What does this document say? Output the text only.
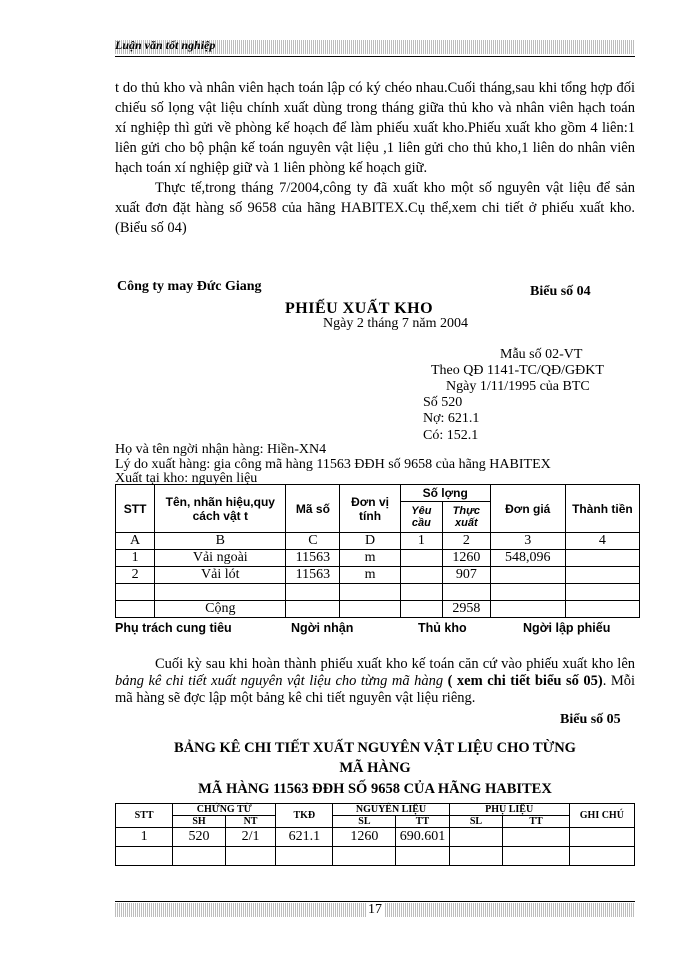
Luận văn tốt nghiệp

t do thủ kho và nhân viên hạch toán lập có ký chéo nhau.Cuối tháng,sau khi tổng hợp đối chiếu số lọng vật liệu chính xuất dùng trong tháng giữa thủ kho và nhân viên hạch toán xí nghiệp thì gửi về phòng kế hoạch để làm phiếu xuất kho.Phiếu xuất kho gồm 4 liên:1 liên gửi cho bộ phận kế toán nguyên vật liệu ,1 liên gửi cho thủ kho,1 liên do nhân viên hạch toán xí nghiệp giữ và 1 liên phòng kế hoạch giữ.

Thực tế,trong tháng 7/2004,công ty đã xuất kho một số nguyên vật liệu để sản xuất đơn đặt hàng số 9658 của hãng HABITEX.Cụ thể,xem chi tiết ở phiếu xuất kho.(Biểu số 04)

Công ty may Đức Giang	Biểu số 04
PHIẾU XUẤT KHO
Ngày 2 tháng 7 năm 2004
Mẫu số 02-VT
Theo QĐ 1141-TC/QĐ/GĐKT
Ngày 1/11/1995 của BTC
Số 520
Nợ: 621.1
Có: 152.1
Họ và tên ngời nhận hàng: Hiền-XN4
Lý do xuất hàng: gia công mã hàng 11563 ĐĐH số 9658 của hãng HABITEX
Xuất tại kho: nguyên liệu
STT	Tên, nhãn hiệu,quy cách vật t	Mã số	Đơn vị tính	Số lợng		Đơn giá	Thành tiền
				Yêu cầu	Thực xuất		
A	B	C	D	1	2	3	4
1	Vải ngoài	11563	m		1260	548,096	
2	Vải lót	11563	m		907		

	Cộng				2958		
Phụ trách cung tiêu	Ngời nhận	Thủ kho	Ngời lập phiếu

Cuối kỳ sau khi hoàn thành phiếu xuất kho kế toán căn cứ vào phiếu xuất kho lên bảng kê chi tiết xuất nguyên vật liệu cho từng mã hàng ( xem chi tiết biểu số 05). Mỗi mã hàng sẽ đợc lập một bảng kê chi tiết nguyên vật liệu riêng.

Biểu số 05
BẢNG KÊ CHI TIẾT XUẤT NGUYÊN VẬT LIỆU CHO TỪNG
MÃ HÀNG
MÃ HÀNG 11563 ĐĐH SỐ 9658 CỦA HÃNG HABITEX
STT	CHỨNG TỪ		TKĐ	NGUYÊN LIỆU		PHỤ LIỆU		GHI CHÚ
	SH	NT		SL	TT	SL	TT	
1	520	2/1	621.1	1260	690.601			

17
